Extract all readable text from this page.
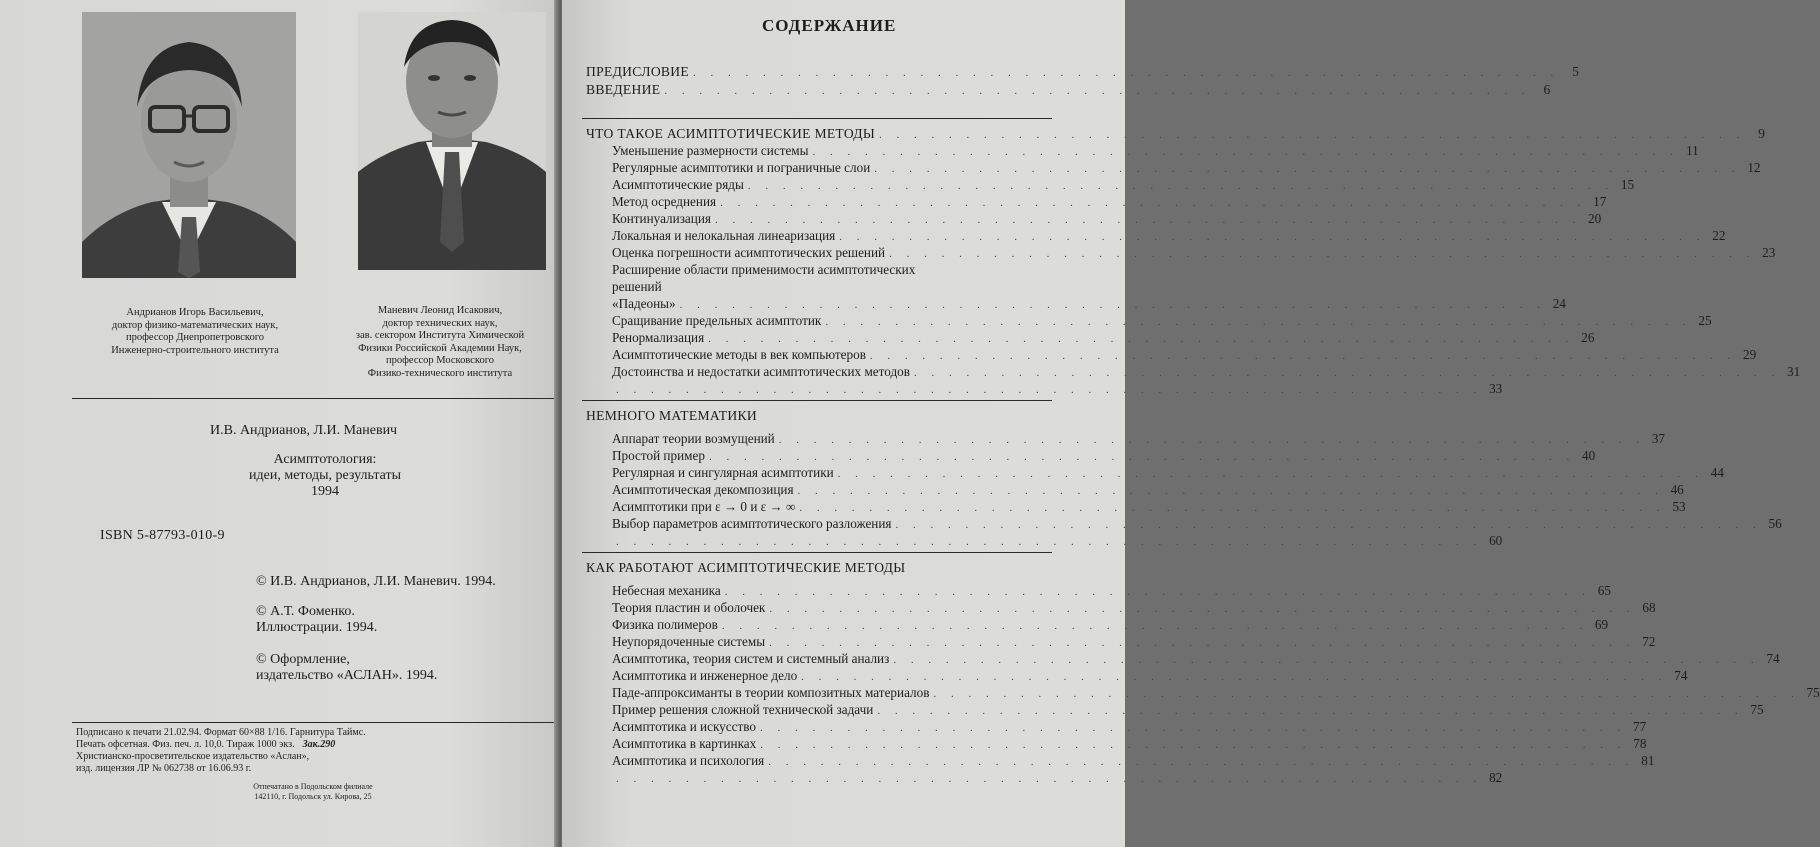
Андрианов Игорь Васильевич,
доктор физико-математических наук,
профессор Днепропетровского
Инженерно-строительного института
Маневич Леонид Исакович,
доктор технических наук,
зав. сектором Института Химической
Физики Российской Академии Наук,
профессор Московского
Физико-технического института
И.В. Андрианов, Л.И. Маневич
Асимптотология:
идеи, методы, результаты
1994
ISBN 5-87793-010-9
© И.В. Андрианов, Л.И. Маневич. 1994.
© А.Т. Фоменко.
Иллюстрации. 1994.
© Оформление,
издательство «АСЛАН». 1994.
Подписано к печати 21.02.94. Формат 60×88 1/16. Гарнитура Таймс.
Печать офсетная. Физ. печ. л. 10,0. Тираж 1000 экз. Зак.290
Христианско-просветительское издательство «Аслан»,
изд. лицензия ЛР № 062738 от 16.06.93 г.
Отпечатано в Подольском филиале
142110, г. Подольск ул. Кирова, 25
ПРЕДИСЛОВИЕ . . . . . . . . . . . . . . . . . . . . . . . . . . . . . . . . . . . . . . . . . . . . . . . . . . 5
ВВЕДЕНИЕ . . . . . . . . . . . . . . . . . . . . . . . . . . . . . . . . . . . . . . . . . . . . . . . . . . 6
ЧТО ТАКОЕ АСИМПТОТИЧЕСКИЕ МЕТОДЫ . . . . . . . . . . . . . . . . . . . . . . . . . . . . . . . . . . . . . . . . . . . . . . . . . . 9
Уменьшение размерности системы . . . . . . . . . . . . . . . . . . . . . . . . . . . . . . . . . . . . . . . . . . . . . . . . . . 11
Регулярные асимптотики и пограничные слои . . . . . . . . . . . . . . . . . . . . . . . . . . . . . . . . . . . . . . . . . . . . . . . . . . 12
Асимптотические ряды . . . . . . . . . . . . . . . . . . . . . . . . . . . . . . . . . . . . . . . . . . . . . . . . . . 15
Метод осреднения . . . . . . . . . . . . . . . . . . . . . . . . . . . . . . . . . . . . . . . . . . . . . . . . . . 17
Континуализация . . . . . . . . . . . . . . . . . . . . . . . . . . . . . . . . . . . . . . . . . . . . . . . . . . 20
Локальная и нелокальная линеаризация . . . . . . . . . . . . . . . . . . . . . . . . . . . . . . . . . . . . . . . . . . . . . . . . . . 22
Оценка погрешности асимптотических решений . . . . . . . . . . . . . . . . . . . . . . . . . . . . . . . . . . . . . . . . . . . . . . . . . . 23
Расширение области применимости асимптотических
решений
«Падеоны» . . . . . . . . . . . . . . . . . . . . . . . . . . . . . . . . . . . . . . . . . . . . . . . . . . 24
Сращивание предельных асимптотик . . . . . . . . . . . . . . . . . . . . . . . . . . . . . . . . . . . . . . . . . . . . . . . . . . 25
Ренормализация . . . . . . . . . . . . . . . . . . . . . . . . . . . . . . . . . . . . . . . . . . . . . . . . . . 26
Асимптотические методы в век компьютеров . . . . . . . . . . . . . . . . . . . . . . . . . . . . . . . . . . . . . . . . . . . . . . . . . . 29
Достоинства и недостатки асимптотических методов . . . . . . . . . . . . . . . . . . . . . . . . . . . . . . . . . . . . . . . . . . . . . . . . . . 31
. . . . . . . . . . . . . . . . . . . . . . . . . . . . . . . . . . . . . . . . . . . . . . . . . . 33
НЕМНОГО МАТЕМАТИКИ
Аппарат теории возмущений . . . . . . . . . . . . . . . . . . . . . . . . . . . . . . . . . . . . . . . . . . . . . . . . . . 37
Простой пример . . . . . . . . . . . . . . . . . . . . . . . . . . . . . . . . . . . . . . . . . . . . . . . . . . 40
Регулярная и сингулярная асимптотики . . . . . . . . . . . . . . . . . . . . . . . . . . . . . . . . . . . . . . . . . . . . . . . . . . 44
Асимптотическая декомпозиция . . . . . . . . . . . . . . . . . . . . . . . . . . . . . . . . . . . . . . . . . . . . . . . . . . 46
Асимптотики при ε → 0 и ε → ∞ . . . . . . . . . . . . . . . . . . . . . . . . . . . . . . . . . . . . . . . . . . . . . . . . . . 53
Выбор параметров асимптотического разложения . . . . . . . . . . . . . . . . . . . . . . . . . . . . . . . . . . . . . . . . . . . . . . . . . . 56
. . . . . . . . . . . . . . . . . . . . . . . . . . . . . . . . . . . . . . . . . . . . . . . . . . 60
КАК РАБОТАЮТ АСИМПТОТИЧЕСКИЕ МЕТОДЫ
Небесная механика . . . . . . . . . . . . . . . . . . . . . . . . . . . . . . . . . . . . . . . . . . . . . . . . . . 65
Теория пластин и оболочек . . . . . . . . . . . . . . . . . . . . . . . . . . . . . . . . . . . . . . . . . . . . . . . . . . 68
Физика полимеров . . . . . . . . . . . . . . . . . . . . . . . . . . . . . . . . . . . . . . . . . . . . . . . . . . 69
Неупорядоченные системы . . . . . . . . . . . . . . . . . . . . . . . . . . . . . . . . . . . . . . . . . . . . . . . . . . 72
Асимптотика, теория систем и системный анализ . . . . . . . . . . . . . . . . . . . . . . . . . . . . . . . . . . . . . . . . . . . . . . . . . . 74
Асимптотика и инженерное дело . . . . . . . . . . . . . . . . . . . . . . . . . . . . . . . . . . . . . . . . . . . . . . . . . . 74
Паде-аппроксиманты в теории композитных материалов . . . . . . . . . . . . . . . . . . . . . . . . . . . . . . . . . . . . . . . . . . . . . . . . . . 75
Пример решения сложной технической задачи . . . . . . . . . . . . . . . . . . . . . . . . . . . . . . . . . . . . . . . . . . . . . . . . . . 75
Асимптотика и искусство . . . . . . . . . . . . . . . . . . . . . . . . . . . . . . . . . . . . . . . . . . . . . . . . . . 77
Асимптотика в картинках . . . . . . . . . . . . . . . . . . . . . . . . . . . . . . . . . . . . . . . . . . . . . . . . . . 78
Асимптотика и психология . . . . . . . . . . . . . . . . . . . . . . . . . . . . . . . . . . . . . . . . . . . . . . . . . . 81
. . . . . . . . . . . . . . . . . . . . . . . . . . . . . . . . . . . . . . . . . . . . . . . . . . 82
СОДЕРЖАНИЕ
